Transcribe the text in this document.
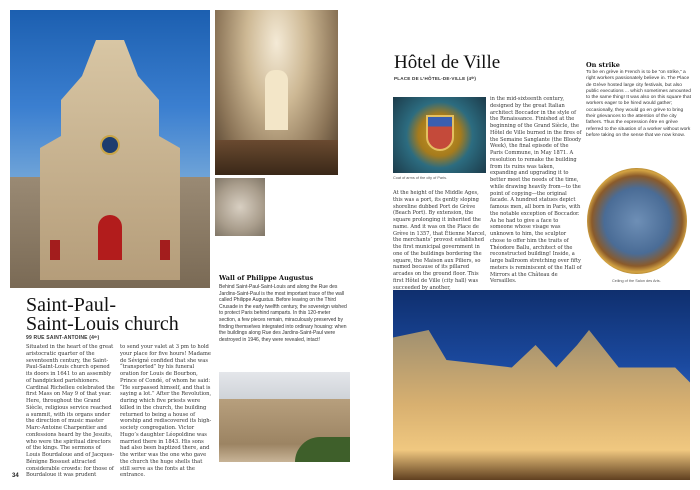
Saint-Paul-
Saint-Louis church
99 RUE SAINT-ANTOINE (4ᵗʰ)
Situated in the heart of the great aristocratic quarter of the seventeenth century, the Saint-Paul-Saint-Louis church opened its doors in 1641 to an assembly of handpicked parishioners. Cardinal Richelieu celebrated the first Mass on May 9 of that year. Here, throughout the Grand Siècle, religious service reached a summit, with its organs under the direction of music master Marc-Antoine Charpentier and confessions heard by the Jesuits, who were the spiritual directors of the kings. The sermons of Louis Bourdaloue and of Jacques-Bénigne Bossuet attracted considerable crowds: for those of Bourdaloue it was prudent
to send your valet at 3 pm to hold your place for five hours! Madame de Sévigné confided that she was “transported” by his funeral oration for Louis de Bourbon, Prince of Condé, of whom he said: “He surpassed himself, and that is saying a lot.” After the Revolution, during which five priests were killed in the church, the building returned to being a house of worship and rediscovered its high-society congregation. Victor Hugo’s daughter Léopoldine was married there in 1843. His sons had also been baptized there, and the writer was the one who gave the church the huge shells that still serve as the fonts at the entrance.
34
Wall of Philippe Augustus
Behind Saint-Paul-Saint-Louis and along the Rue des Jardins-Saint-Paul is the most important trace of the wall called Philippe Augustus. Before leaving on the Third Crusade in the early twelfth century, the sovereign wished to protect Paris behind ramparts. In this 120-meter section, a few pieces remain, miraculously preserved by finding themselves integrated into ordinary housing: when the buildings along Rue des Jardins-Saint-Paul were destroyed in 1946, they were revealed, intact!
Hôtel de Ville
PLACE DE L’HÔTEL-DE-VILLE (4ᵗʰ)
Coat of arms of the city of Paris.
At the height of the Middle Ages, this was a port, its gently sloping shoreline dubbed Port de Grève (Beach Port). By extension, the square prolonging it inherited the name. And it was on the Place de Grève in 1357, that Étienne Marcel, the merchants’ provost established the first municipal government in one of the buildings bordering the square, the Maison aux Piliers, so named because of its pillared arcades on the ground floor. This first Hôtel de Ville (city hall) was succeeded by another,
in the mid-sixteenth century, designed by the great Italian architect Boccador in the style of the Renaissance. Finished at the beginning of the Grand Siècle, the Hôtel de Ville burned in the fires of the Semaine Sanglante (the Bloody Week), the final episode of the Paris Commune, in May 1871. A resolution to remake the building from its ruins was taken, expanding and upgrading it to better meet the needs of the time, while drawing heavily from—to the point of copying—the original facade. A hundred statues depict famous men, all born in Paris, with the notable exception of Boccador. As he had to give a face to someone whose visage was unknown to him, the sculptor chose to offer him the traits of Théodore Ballu, architect of the reconstructed building! Inside, a large ballroom stretching over fifty meters is reminiscent of the Hall of Mirrors at the Château de Versailles.
On strike
To be en grève in French is to be “on strike,” a right workers passionately believe in. The Place de Grève hosted large city festivals, but also public executions ... which sometimes amounted to the same thing! It was also on this square that workers eager to be hired would gather; occasionally, they would go en grève to bring their grievances to the attention of the city fathers. Thus the expression être en grève referred to the situation of a worker without work before taking on the sense that we now know.
Ceiling of the Salon des Arts.
